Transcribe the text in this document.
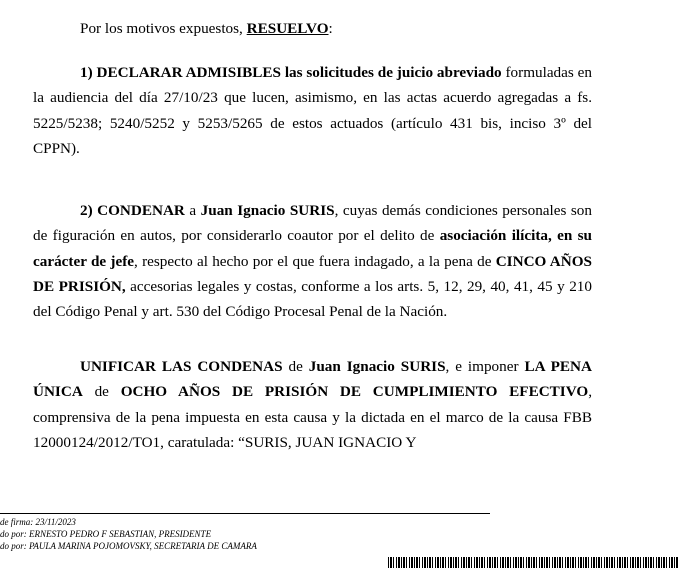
Por los motivos expuestos, RESUELVO:

1) DECLARAR ADMISIBLES las solicitudes de juicio abreviado formuladas en la audiencia del día 27/10/23 que lucen, asimismo, en las actas acuerdo agregadas a fs. 5225/5238; 5240/5252 y 5253/5265 de estos actuados (artículo 431 bis, inciso 3º del CPPN).

2) CONDENAR a Juan Ignacio SURIS, cuyas demás condiciones personales son de figuración en autos, por considerarlo coautor por el delito de asociación ilícita, en su carácter de jefe, respecto al hecho por el que fuera indagado, a la pena de CINCO AÑOS DE PRISIÓN, accesorias legales y costas, conforme a los arts. 5, 12, 29, 40, 41, 45 y 210 del Código Penal y art. 530 del Código Procesal Penal de la Nación.

UNIFICAR LAS CONDENAS de Juan Ignacio SURIS, e imponer LA PENA ÚNICA de OCHO AÑOS DE PRISIÓN DE CUMPLIMIENTO EFECTIVO, comprensiva de la pena impuesta en esta causa y la dictada en el marco de la causa FBB 12000124/2012/TO1, caratulada: “SURIS, JUAN IGNACIO Y

de firma: 23/11/2023
do por: ERNESTO PEDRO F SEBASTIAN, PRESIDENTE
do por: PAULA MARINA POJOMOVSKY, SECRETARIA DE CAMARA
